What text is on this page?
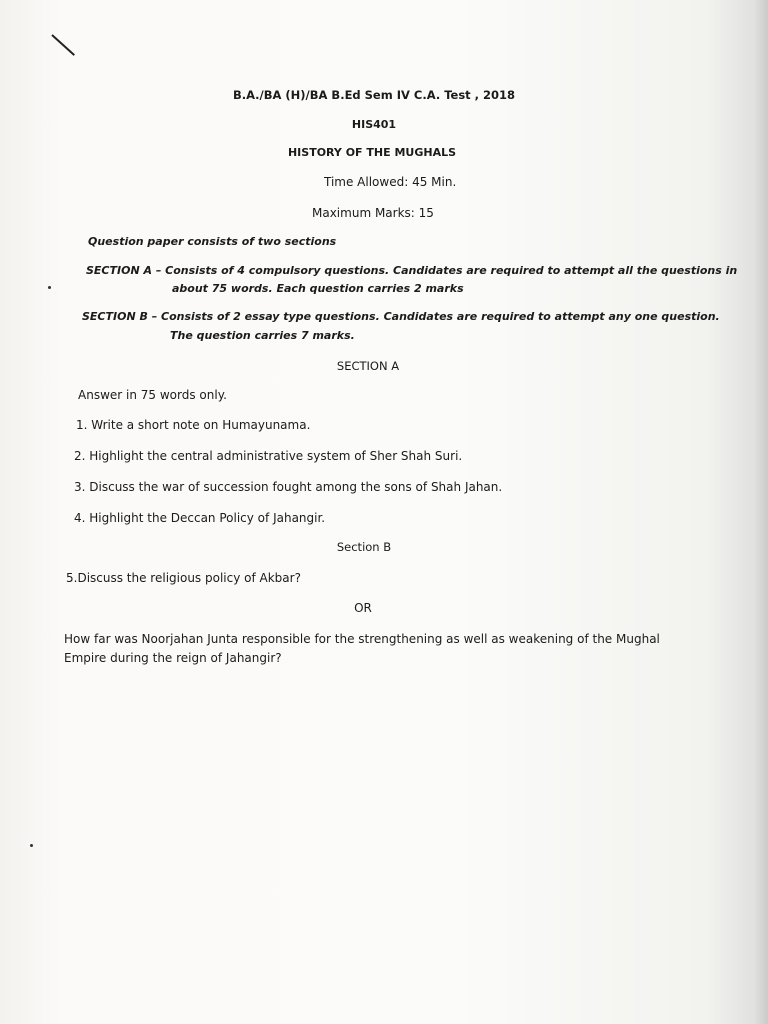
B.A./BA (H)/BA B.Ed Sem IV C.A. Test , 2018
HIS401
HISTORY OF THE MUGHALS
Time Allowed: 45 Min.
Maximum Marks: 15
Question paper consists of two sections
SECTION A – Consists of 4 compulsory questions. Candidates are required to attempt all the questions in
about 75 words. Each question carries 2 marks
SECTION B – Consists of 2 essay type questions. Candidates are required to attempt any one question.
The question carries 7 marks.
SECTION A
Answer in 75 words only.
1. Write a short note on Humayunama.
2. Highlight the central administrative system of Sher Shah Suri.
3. Discuss the war of succession fought among the sons of Shah Jahan.
4. Highlight the Deccan Policy of Jahangir.
Section B
5.Discuss the religious policy of Akbar?
OR
How far was Noorjahan Junta responsible for the strengthening as well as weakening of the Mughal
Empire during the reign of Jahangir?
